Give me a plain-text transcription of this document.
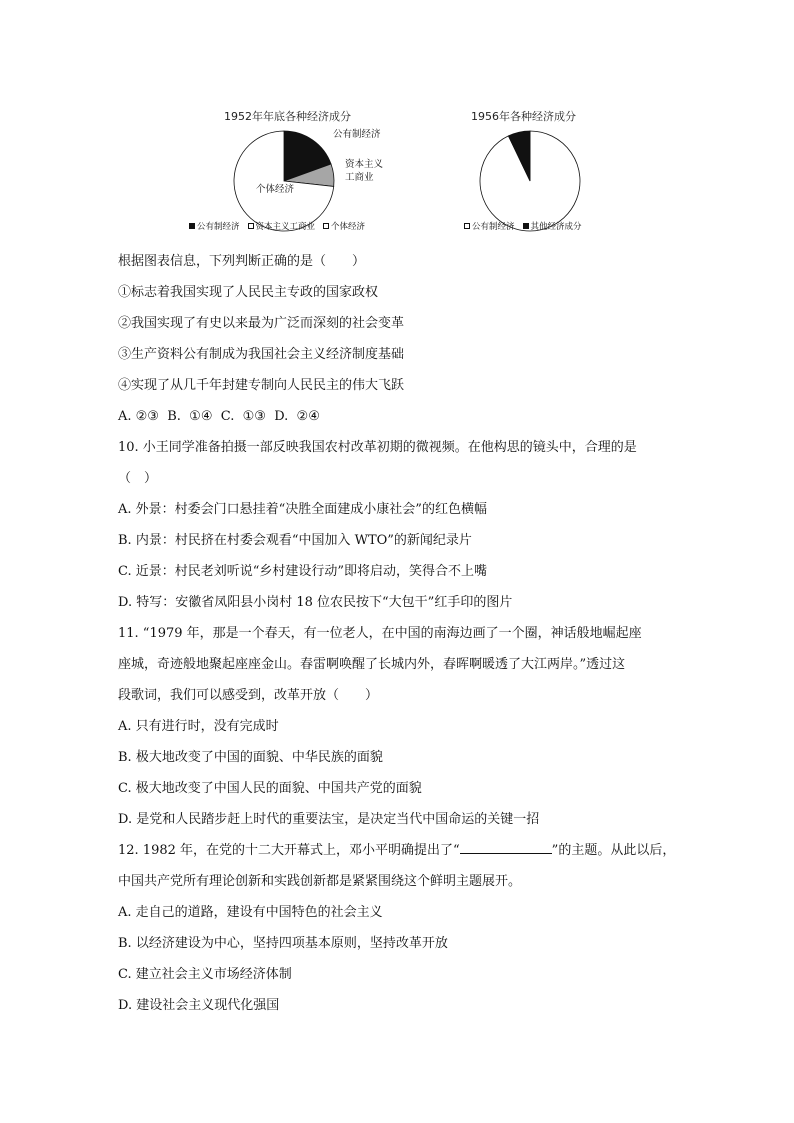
1952年年底各种经济成分	1956年各种经济成分
公有制经济
资本主义
工商业
个体经济
公有制经济 资本主义工商业 个体经济	公有制经济 其他经济成分
根据图表信息，下列判断正确的是（　　）
①标志着我国实现了人民民主专政的国家政权
②我国实现了有史以来最为广泛而深刻的社会变革
③生产资料公有制成为我国社会主义经济制度基础
④实现了从几千年封建专制向人民民主的伟大飞跃
A. ②③  B.  ①④  C.  ①③  D.  ②④
10. 小王同学准备拍摄一部反映我国农村改革初期的微视频。在他构思的镜头中，合理的是
（　）
A. 外景：村委会门口悬挂着“决胜全面建成小康社会”的红色横幅
B. 内景：村民挤在村委会观看“中国加入 WTO”的新闻纪录片
C. 近景：村民老刘听说“乡村建设行动”即将启动，笑得合不上嘴
D. 特写：安徽省凤阳县小岗村 18 位农民按下“大包干”红手印的图片
11. “1979 年，那是一个春天，有一位老人，在中国的南海边画了一个圈，神话般地崛起座
座城，奇迹般地聚起座座金山。春雷啊唤醒了长城内外，春晖啊暖透了大江两岸。”透过这
段歌词，我们可以感受到，改革开放（　　）
A. 只有进行时，没有完成时
B. 极大地改变了中国的面貌、中华民族的面貌
C. 极大地改变了中国人民的面貌、中国共产党的面貌
D. 是党和人民踏步赶上时代的重要法宝，是决定当代中国命运的关键一招
12. 1982 年，在党的十二大开幕式上，邓小平明确提出了“	”的主题。从此以后，
中国共产党所有理论创新和实践创新都是紧紧围绕这个鲜明主题展开。
A. 走自己的道路，建设有中国特色的社会主义
B. 以经济建设为中心，坚持四项基本原则，坚持改革开放
C. 建立社会主义市场经济体制
D. 建设社会主义现代化强国
